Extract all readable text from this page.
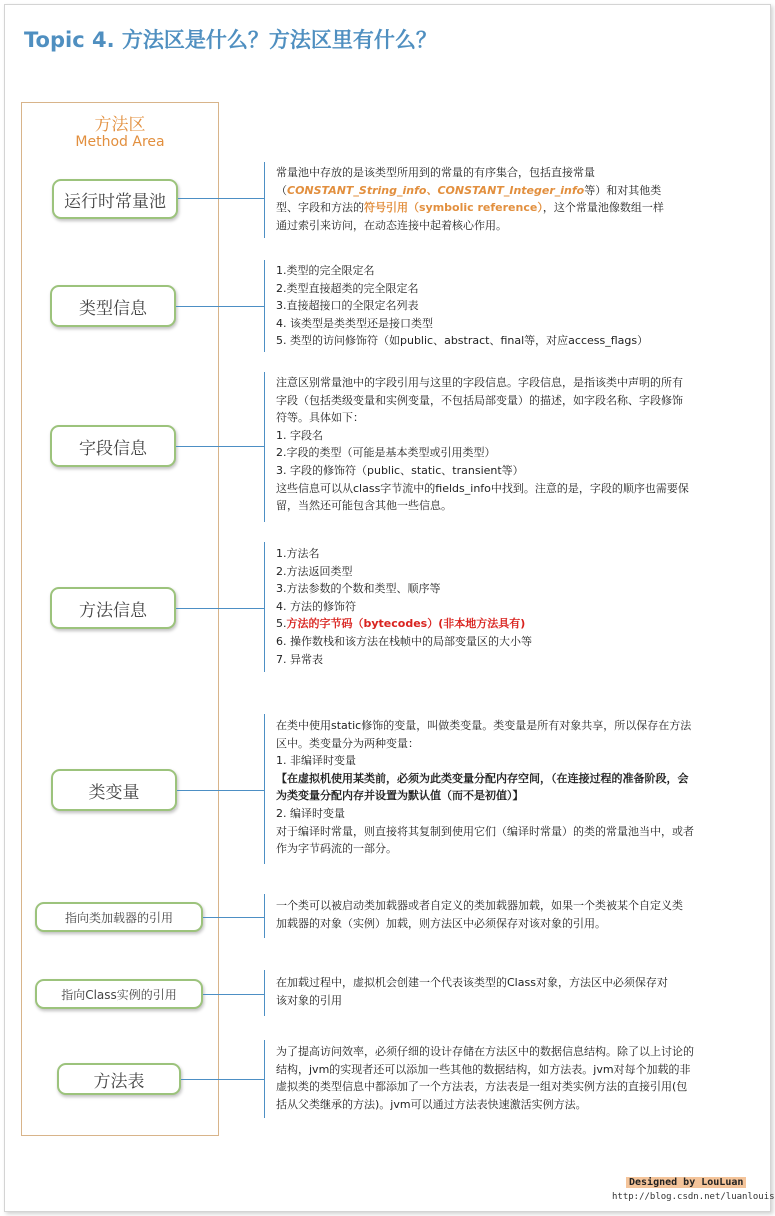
Topic 4. 方法区是什么？方法区里有什么？
方法区
Method Area
运行时常量池

常量池中存放的是该类型所用到的常量的有序集合，包括直接常量

（CONSTANT_String_info、CONSTANT_Integer_info等）和对其他类

型、字段和方法的符号引用（symbolic reference），这个常量池像数组一样

通过索引来访问，在动态连接中起着核心作用。

类型信息

1.类型的完全限定名

2.类型直接超类的完全限定名

3.直接超接口的全限定名列表

4. 该类型是类类型还是接口类型

5. 类型的访问修饰符（如public、abstract、final等，对应access_flags）

字段信息

注意区别常量池中的字段引用与这里的字段信息。字段信息，是指该类中声明的所有

字段（包括类级变量和实例变量，不包括局部变量）的描述，如字段名称、字段修饰

符等。具体如下：

1. 字段名

2.字段的类型（可能是基本类型或引用类型）

3. 字段的修饰符（public、static、transient等）

这些信息可以从class字节流中的fields_info中找到。注意的是，字段的顺序也需要保

留，当然还可能包含其他一些信息。

方法信息

1.方法名

2.方法返回类型

3.方法参数的个数和类型、顺序等

4. 方法的修饰符

5.方法的字节码（bytecodes）(非本地方法具有)

6. 操作数栈和该方法在栈帧中的局部变量区的大小等

7. 异常表

类变量

在类中使用static修饰的变量，叫做类变量。类变量是所有对象共享，所以保存在方法

区中。类变量分为两种变量：

1. 非编译时变量

【在虚拟机使用某类前，必须为此类变量分配内存空间，（在连接过程的准备阶段，会

为类变量分配内存并设置为默认值（而不是初值）】

2. 编译时变量

对于编译时常量，则直接将其复制到使用它们（编译时常量）的类的常量池当中，或者

作为字节码流的一部分。

指向类加载器的引用

一个类可以被启动类加载器或者自定义的类加载器加载，如果一个类被某个自定义类

加载器的对象（实例）加载，则方法区中必须保存对该对象的引用。

指向Class实例的引用

在加载过程中，虚拟机会创建一个代表该类型的Class对象，方法区中必须保存对

该对象的引用

方法表

为了提高访问效率，必须仔细的设计存储在方法区中的数据信息结构。除了以上讨论的

结构，jvm的实现者还可以添加一些其他的数据结构，如方法表。jvm对每个加载的非

虚拟类的类型信息中都添加了一个方法表，方法表是一组对类实例方法的直接引用(包

括从父类继承的方法)。jvm可以通过方法表快速激活实例方法。

Designed by LouLuan
http://blog.csdn.net/luanlouis
